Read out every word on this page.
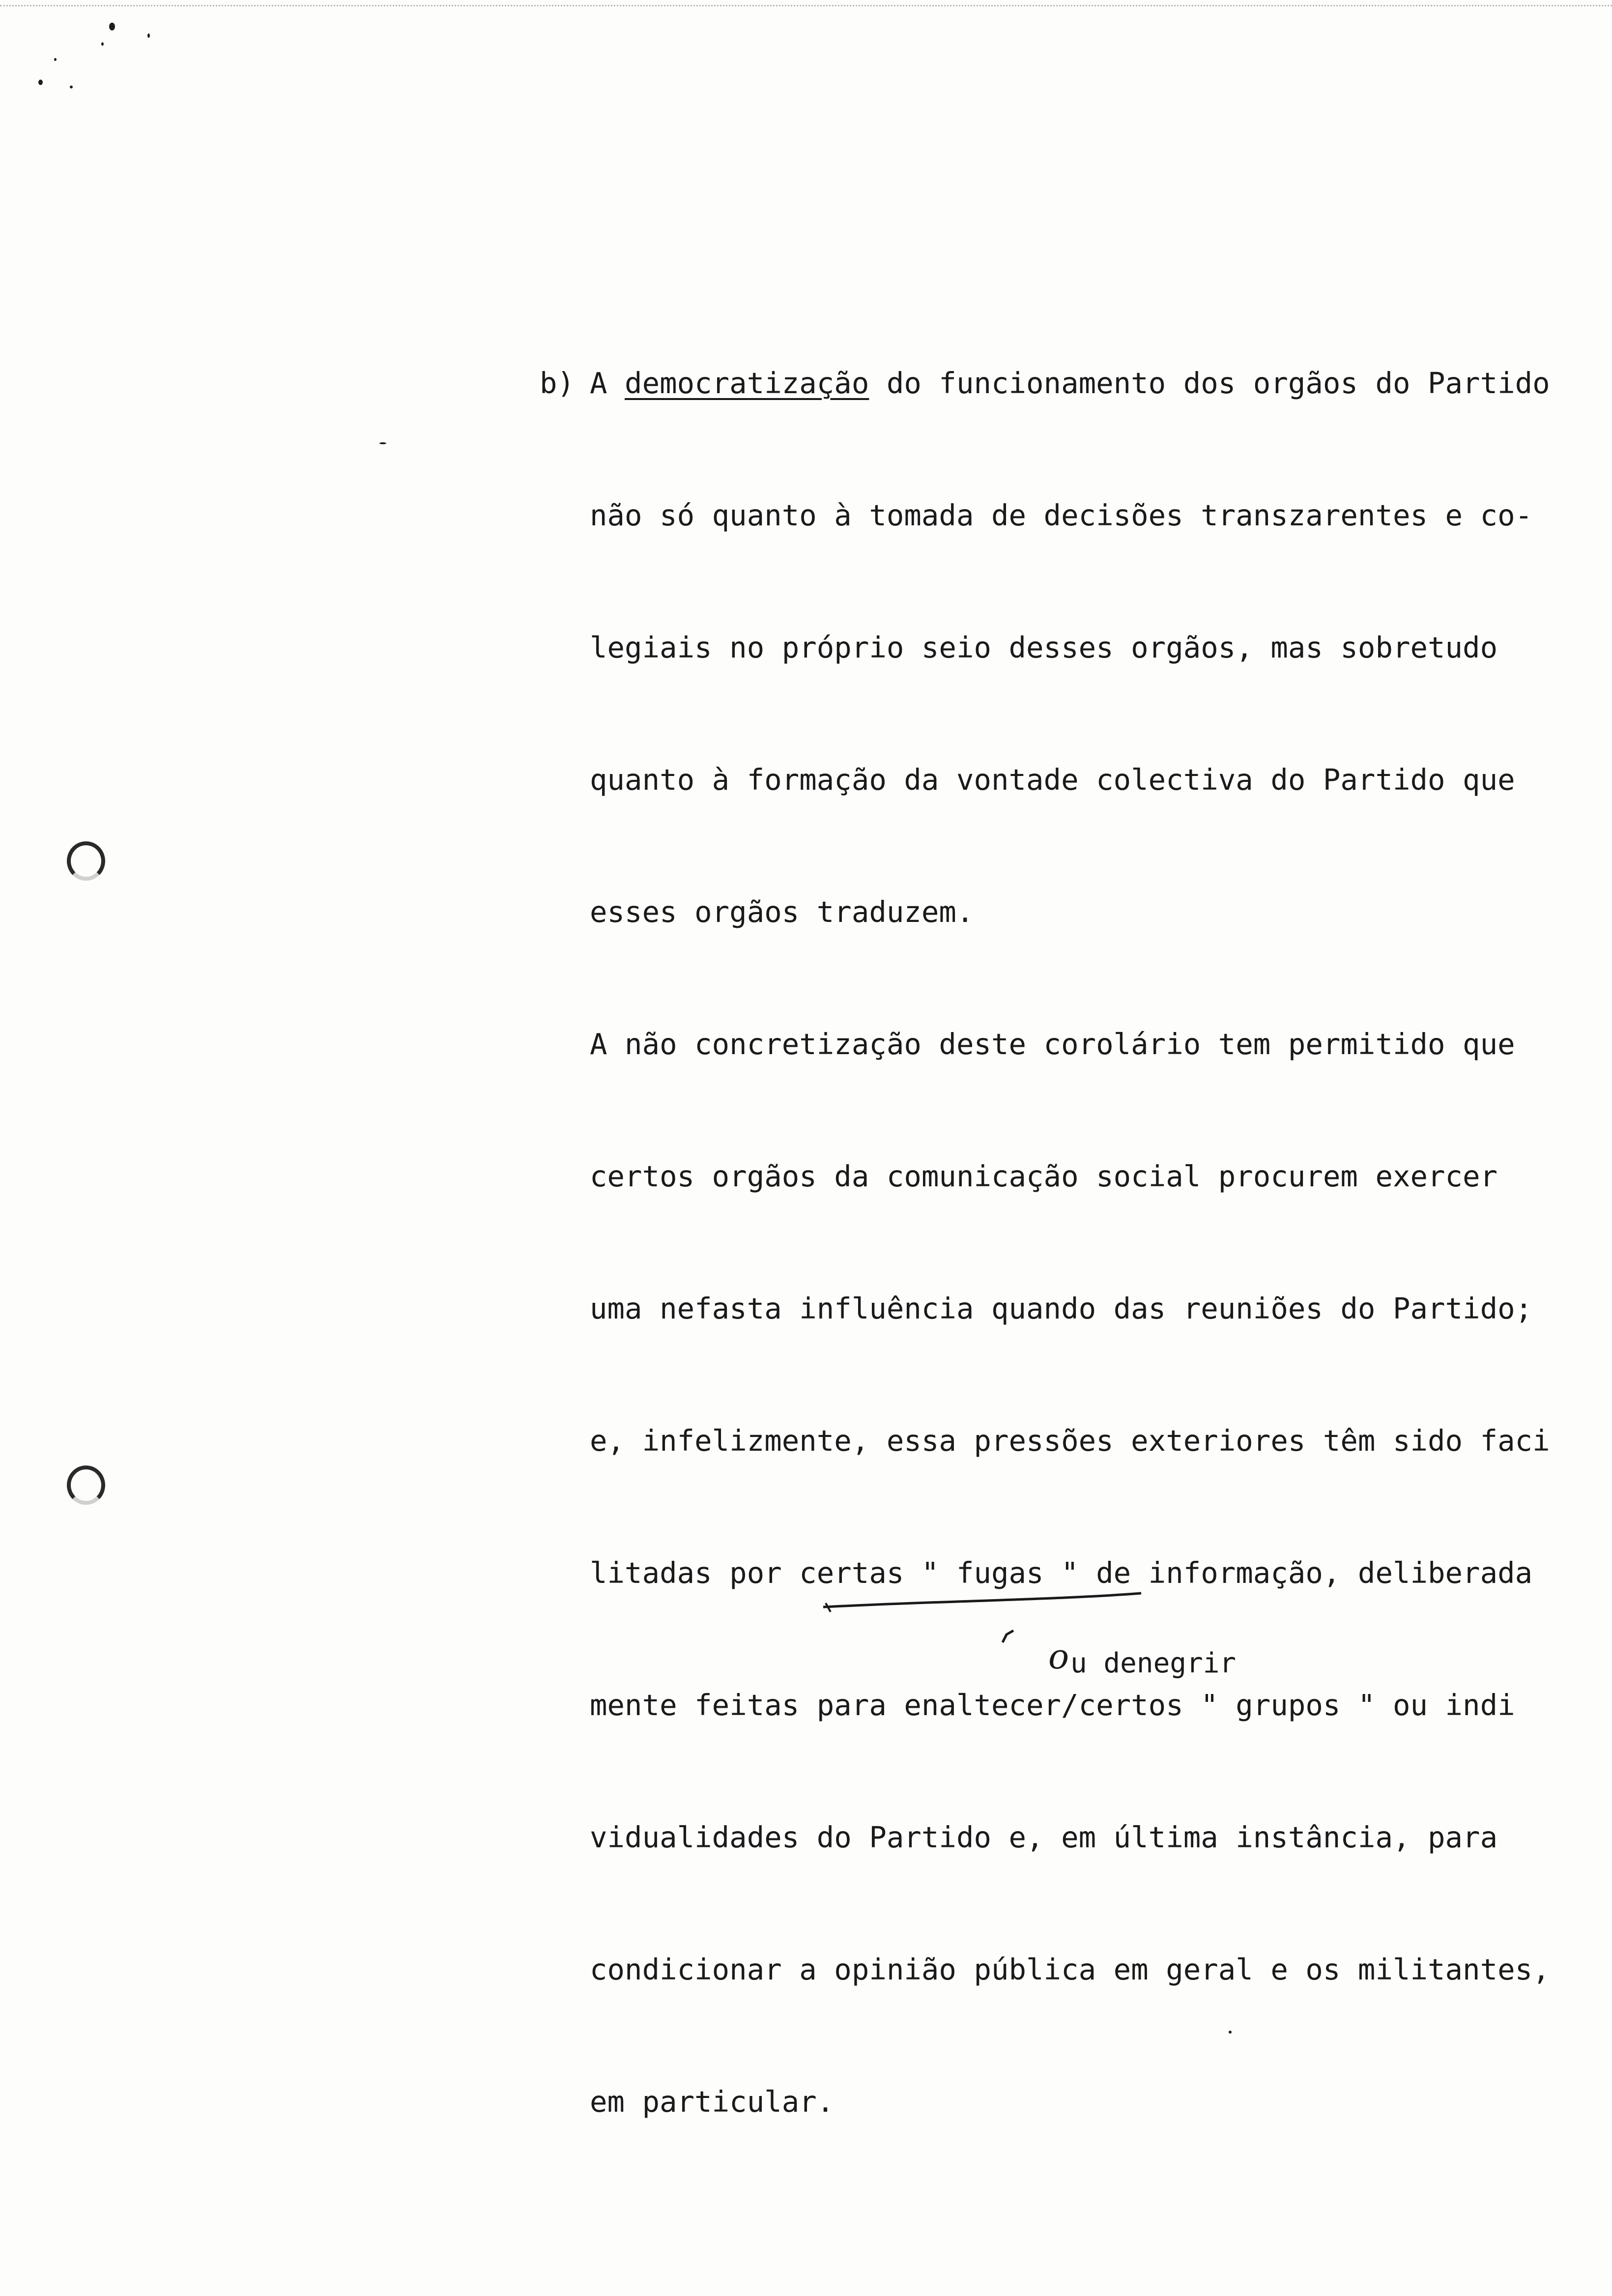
b) A democratização do funcionamento dos orgãos do Partido
não só quanto à tomada de decisões transzarentes e co-
legiais no próprio seio desses orgãos, mas sobretudo
quanto à formação da vontade colectiva do Partido que
esses orgãos traduzem.
A não concretização deste corolário tem permitido que
certos orgãos da comunicação social procurem exercer
uma nefasta influência quando das reuniões do Partido;
e, infelizmente, essa pressões exteriores têm sido faci
litadas por certas " fugas " de informação, deliberada
mente feitas para enaltecer/certos " grupos " ou indi
vidualidades do Partido e, em última instância, para
condicionar a opinião pública em geral e os militantes,
em particular.
o u denegrir
